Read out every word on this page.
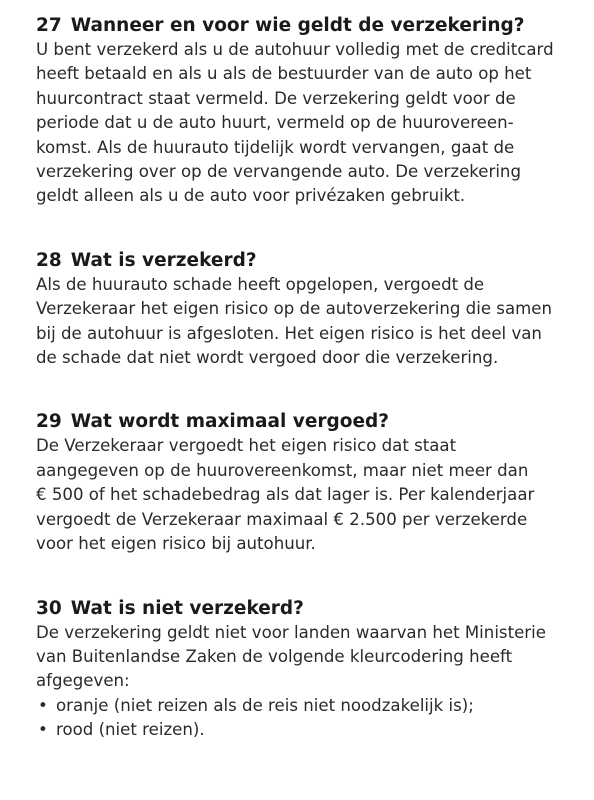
27 Wanneer en voor wie geldt de verzekering?
U bent verzekerd als u de autohuur volledig met de creditcard
heeft betaald en als u als de bestuurder van de auto op het
huurcontract staat vermeld. De verzekering geldt voor de
periode dat u de auto huurt, vermeld op de huurovereen-
komst. Als de huurauto tijdelijk wordt vervangen, gaat de
verzekering over op de vervangende auto. De verzekering
geldt alleen als u de auto voor privézaken gebruikt.
28 Wat is verzekerd?
Als de huurauto schade heeft opgelopen, vergoedt de
Verzekeraar het eigen risico op de autoverzekering die samen
bij de autohuur is afgesloten. Het eigen risico is het deel van
de schade dat niet wordt vergoed door die verzekering.
29 Wat wordt maximaal vergoed?
De Verzekeraar vergoedt het eigen risico dat staat
aangegeven op de huurovereenkomst, maar niet meer dan
€ 500 of het schadebedrag als dat lager is. Per kalenderjaar
vergoedt de Verzekeraar maximaal € 2.500 per verzekerde
voor het eigen risico bij autohuur.
30 Wat is niet verzekerd?
De verzekering geldt niet voor landen waarvan het Ministerie
van Buitenlandse Zaken de volgende kleurcodering heeft
afgegeven:
• oranje (niet reizen als de reis niet noodzakelijk is);
• rood (niet reizen).
